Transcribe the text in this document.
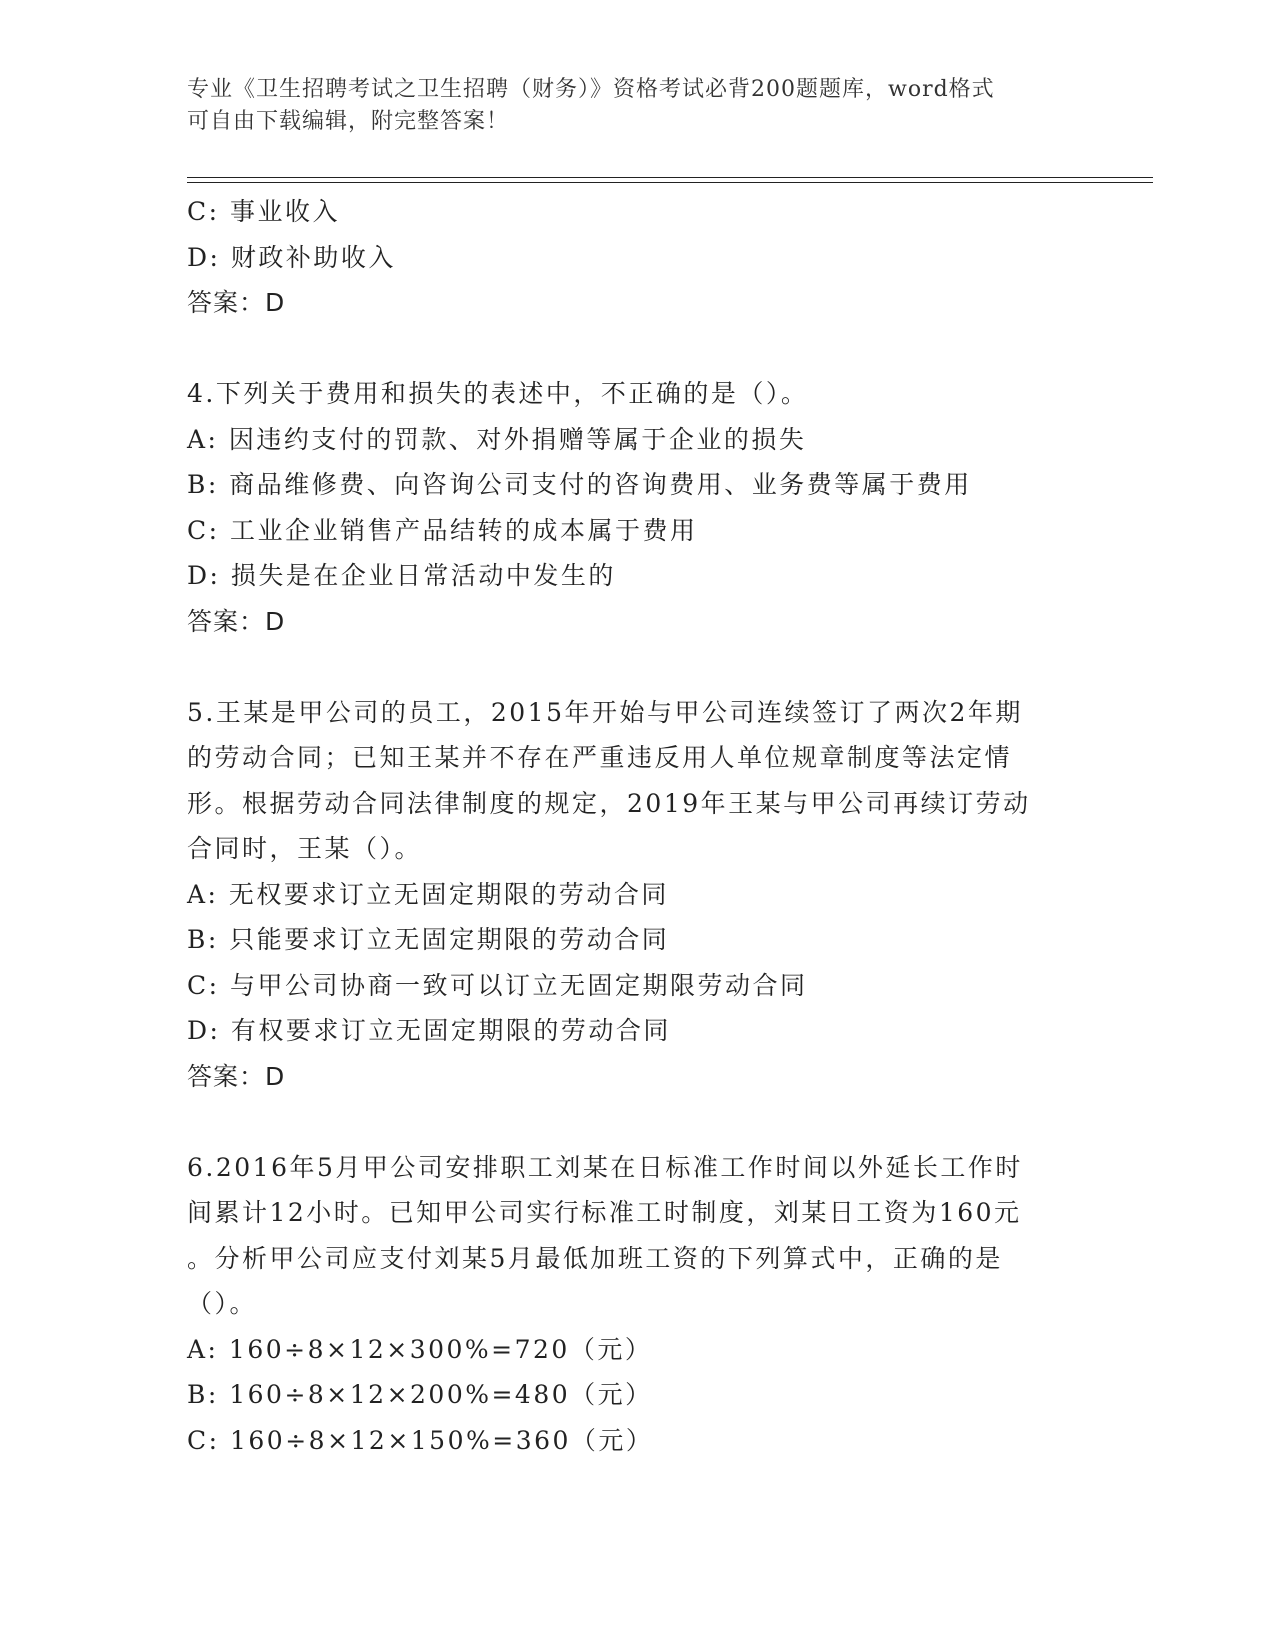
专业《卫生招聘考试之卫生招聘（财务）》资格考试必背200题题库，word格式
可自由下载编辑，附完整答案！
C: 事业收入
D: 财政补助收入
答案：D
4.下列关于费用和损失的表述中，不正确的是（）。
A: 因违约支付的罚款、对外捐赠等属于企业的损失
B: 商品维修费、向咨询公司支付的咨询费用、业务费等属于费用
C: 工业企业销售产品结转的成本属于费用
D: 损失是在企业日常活动中发生的
答案：D
5.王某是甲公司的员工，2015年开始与甲公司连续签订了两次2年期
的劳动合同；已知王某并不存在严重违反用人单位规章制度等法定情
形。根据劳动合同法律制度的规定，2019年王某与甲公司再续订劳动
合同时，王某（）。
A: 无权要求订立无固定期限的劳动合同
B: 只能要求订立无固定期限的劳动合同
C: 与甲公司协商一致可以订立无固定期限劳动合同
D: 有权要求订立无固定期限的劳动合同
答案：D
6.2016年5月甲公司安排职工刘某在日标准工作时间以外延长工作时
间累计12小时。已知甲公司实行标准工时制度，刘某日工资为160元
。分析甲公司应支付刘某5月最低加班工资的下列算式中，正确的是
（）。
A: 160÷8×12×300%=720（元）
B: 160÷8×12×200%=480（元）
C: 160÷8×12×150%=360（元）
